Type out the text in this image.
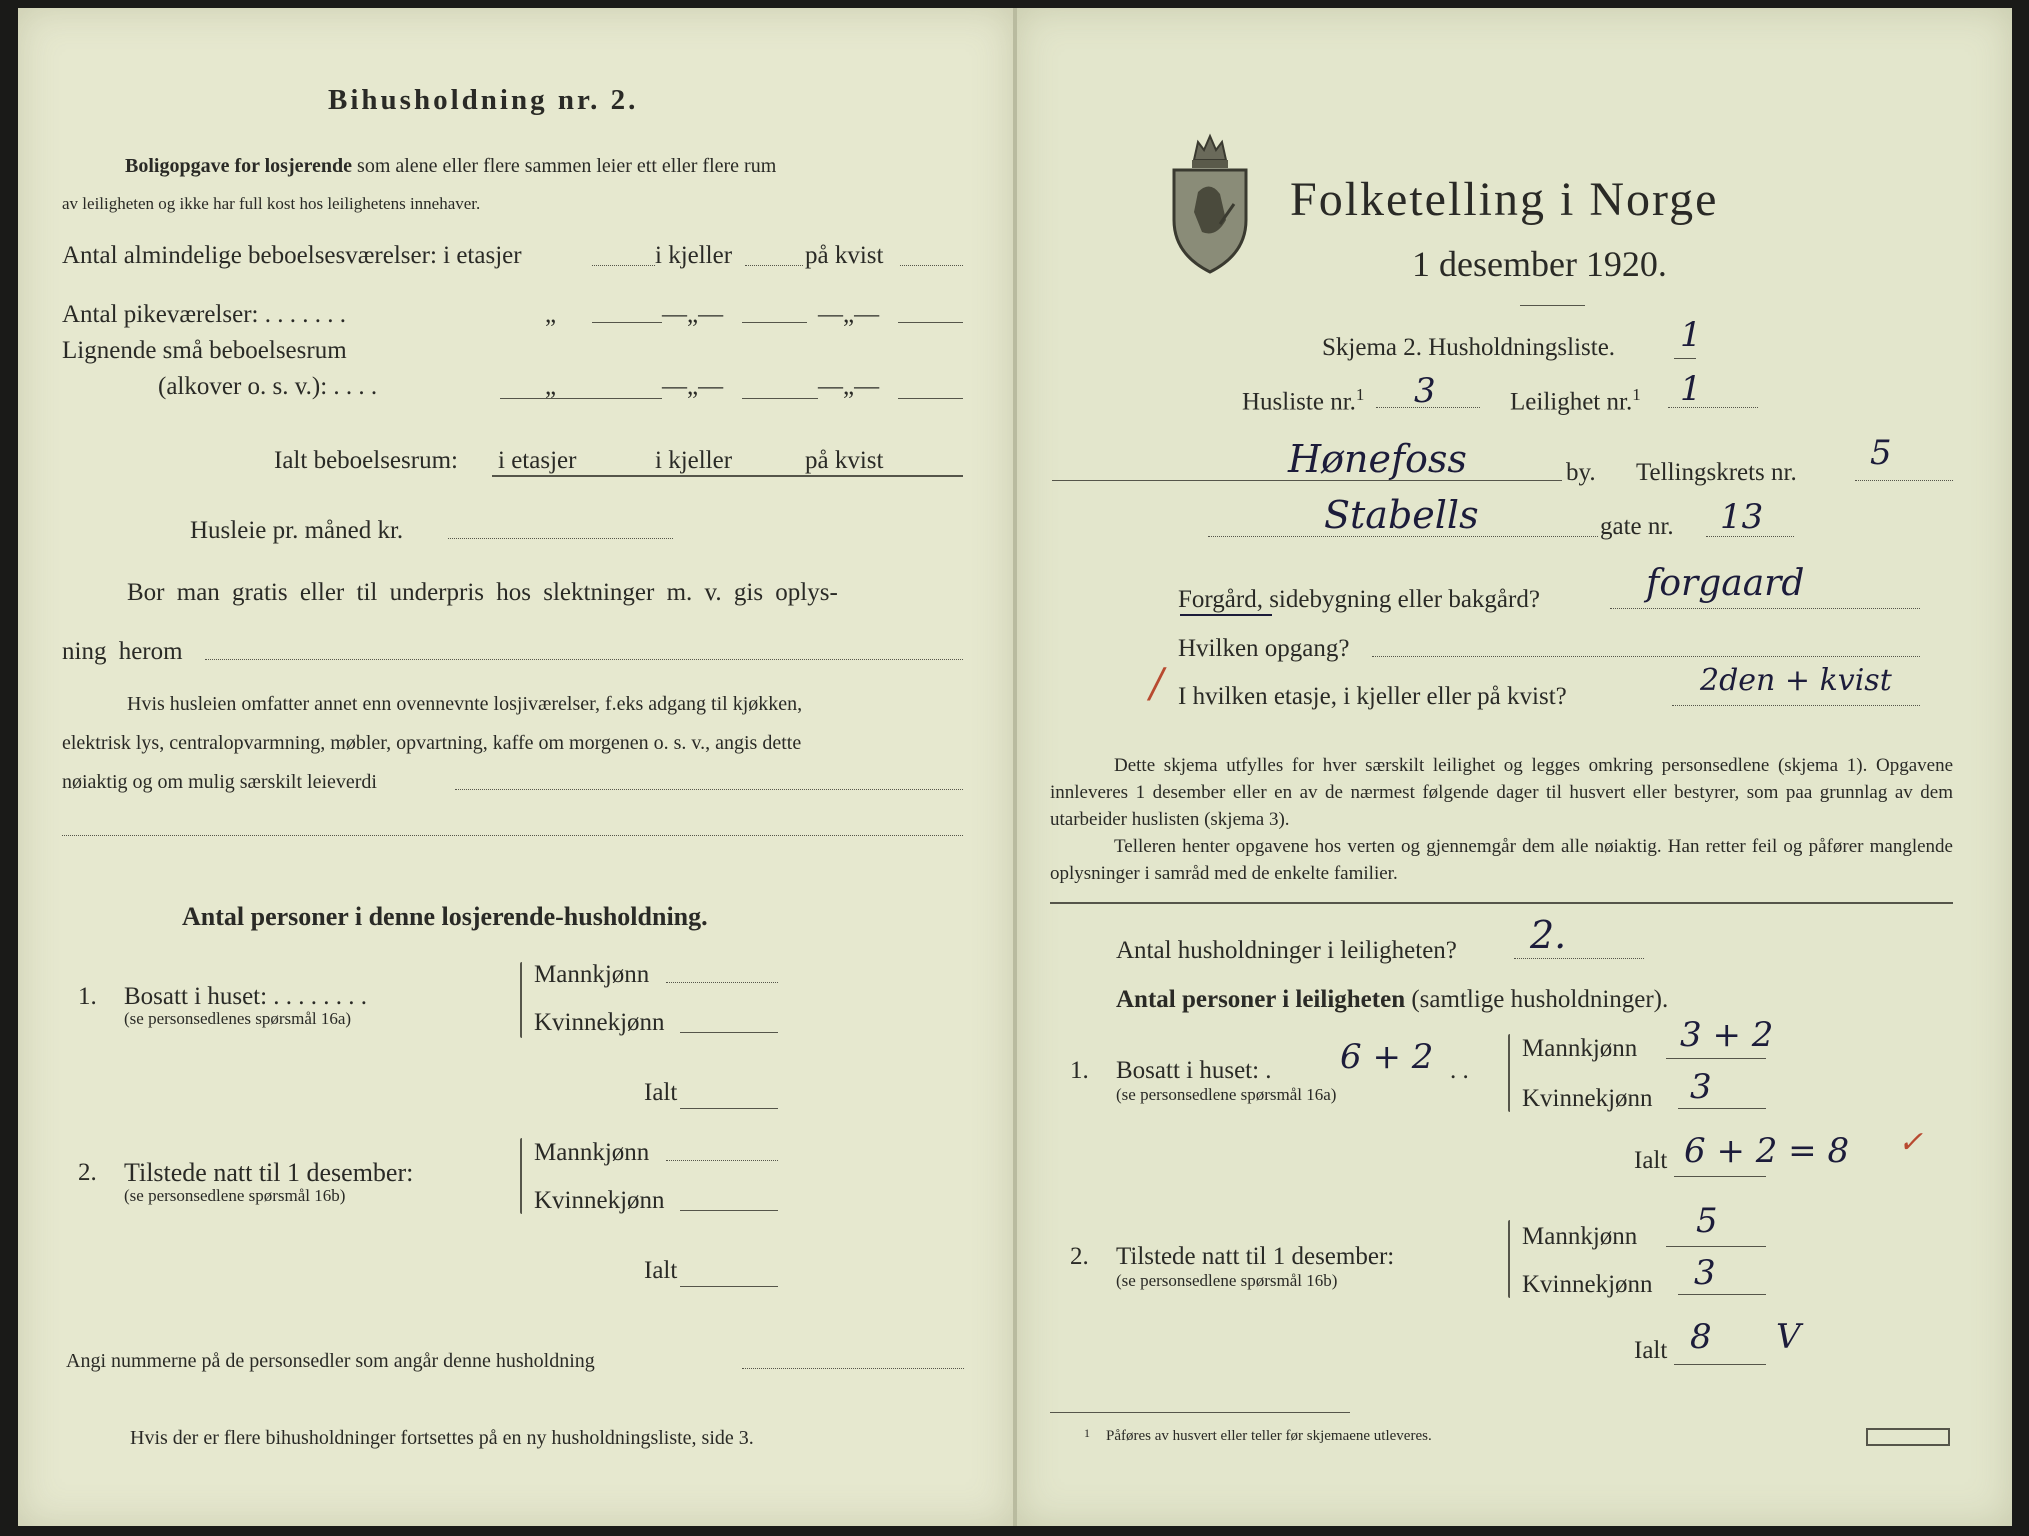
Bihusholdning nr. 2.
Boligopgave for losjerende som alene eller flere sammen leier ett eller flere rum
av leiligheten og ikke har full kost hos leilighetens innehaver.
Antal almindelige beboelsesværelser: i etasjer	i kjeller	på kvist
Antal pikeværelser: . . . . . . .	„	—„—	—„—
Lignende små beboelsesrum
(alkover o. s. v.): . . . .	„	—„—	—„—
Ialt beboelsesrum: i etasjer	i kjeller	på kvist
Husleie pr. måned kr.
Bor man gratis eller til underpris hos slektninger m. v. gis oplys-
ning herom
Hvis husleien omfatter annet enn ovennevnte losjiværelser, f.eks adgang til kjøkken,
elektrisk lys, centralopvarmning, møbler, opvartning, kaffe om morgenen o. s. v., angis dette
nøiaktig og om mulig særskilt leieverdi
Antal personer i denne losjerende-husholdning.
1. Bosatt i huset: . . . . . . . .
(se personsedlenes spørsmål 16a)
Mannkjønn
Kvinnekjønn
Ialt
2. Tilstede natt til 1 desember:
(se personsedlene spørsmål 16b)
Mannkjønn
Kvinnekjønn
Ialt
Angi nummerne på de personsedler som angår denne husholdning
Hvis der er flere bihusholdninger fortsettes på en ny husholdningsliste, side 3.
Folketelling i Norge
1 desember 1920.
Skjema 2. Husholdningsliste. 1
Husliste nr.$^1$ 3	Leilighet nr.$^1$ 1
Hønefoss	by. Tellingskrets nr. 5
Stabells	gate nr. 13
Forgård, sidebygning eller bakgård?	forgaard
Hvilken opgang?
/ I hvilken etasje, i kjeller eller på kvist?	2den + kvist

Dette skjema utfylles for hver særskilt leilighet og legges omkring personsedlene (skjema 1). Opgavene innleveres 1 desember eller en av de nærmest følgende dager til husvert eller bestyrer, som paa grunnlag av dem utarbeider huslisten (skjema 3).

Telleren henter opgavene hos verten og gjennemgår dem alle nøiaktig. Han retter feil og påfører manglende oplysninger i samråd med de enkelte familier.

Antal husholdninger i leiligheten? 2.
Antal personer i leiligheten (samtlige husholdninger).
1. Bosatt i huset: . 6 + 2 . .
(se personsedlene spørsmål 16a)
Mannkjønn 3 + 2
Kvinnekjønn 3
Ialt 6 + 2 = 8 ✓
2. Tilstede natt til 1 desember:
(se personsedlene spørsmål 16b)
Mannkjønn 5
Kvinnekjønn 3
Ialt 8 V
1 Påføres av husvert eller teller før skjemaene utleveres.
